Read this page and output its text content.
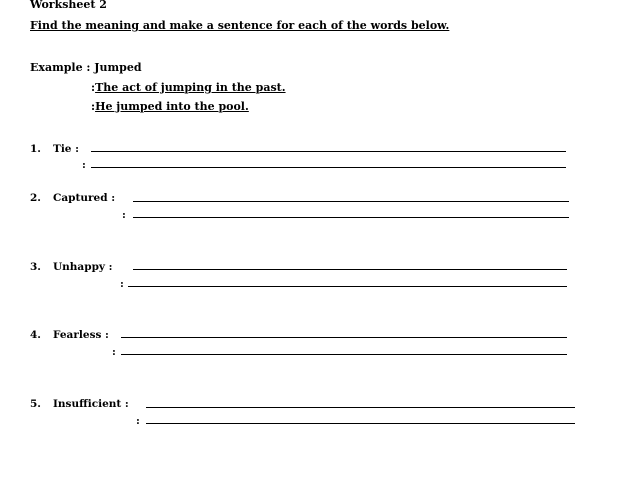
Worksheet 2
Find the meaning and make a sentence for each of the words below.
Example : Jumped
:The act of jumping in the past.
:He jumped into the pool.
1. Tie :
:
2. Captured :
:
3. Unhappy :
:
4. Fearless :
:
5. Insufficient :
:
